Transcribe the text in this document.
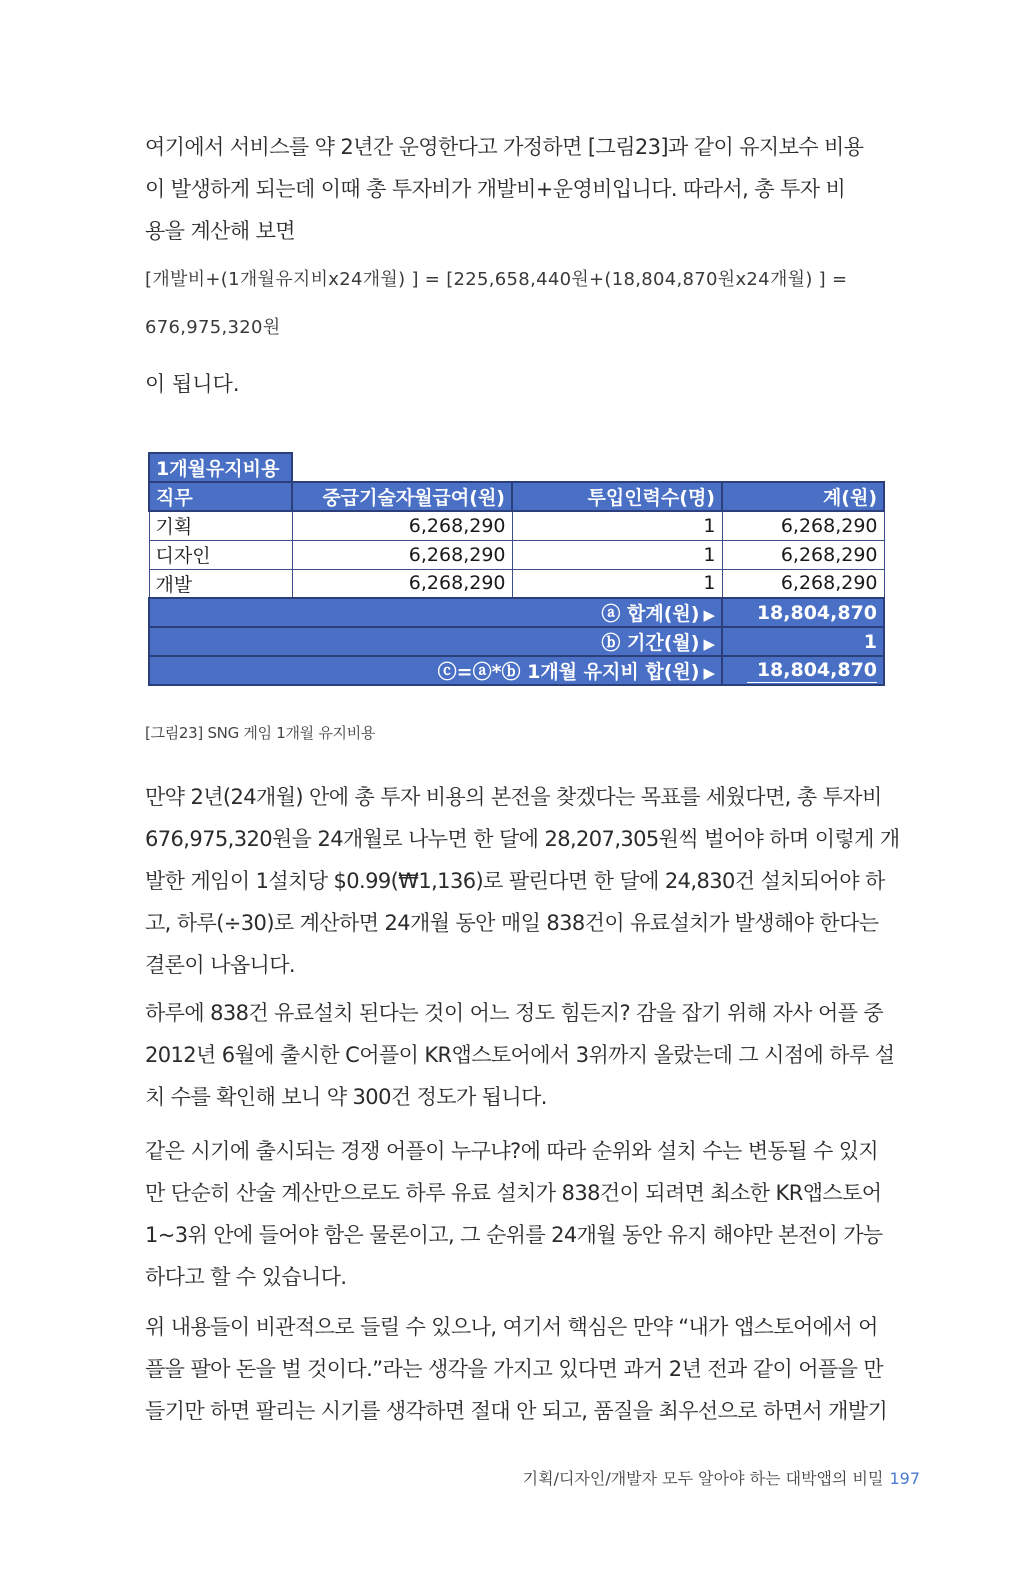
여기에서 서비스를 약 2년간 운영한다고 가정하면 [그림23]과 같이 유지보수 비용
이 발생하게 되는데 이때 총 투자비가 개발비+운영비입니다. 따라서, 총 투자 비
용을 계산해 보면

[개발비+(1개월유지비x24개월) ] = [225,658,440원+(18,804,870원x24개월) ] =
676,975,320원

이 됩니다.

1개월유지비용			
직무	중급기술자월급여(원)	투입인력수(명)	계(원)
기획	6,268,290	1	6,268,290
디자인	6,268,290	1	6,268,290
개발	6,268,290	1	6,268,290
ⓐ 합계(원) ▶			18,804,870
ⓑ 기간(월) ▶			1
ⓒ=ⓐ*ⓑ 1개월 유지비 합(원) ▶			18,804,870

[그림23] SNG 게임 1개월 유지비용

만약 2년(24개월) 안에 총 투자 비용의 본전을 찾겠다는 목표를 세웠다면, 총 투자비
676,975,320원을 24개월로 나누면 한 달에 28,207,305원씩 벌어야 하며 이렇게 개
발한 게임이 1설치당 $0.99(₩1,136)로 팔린다면 한 달에 24,830건 설치되어야 하
고, 하루(÷30)로 계산하면 24개월 동안 매일 838건이 유료설치가 발생해야 한다는
결론이 나옵니다.

하루에 838건 유료설치 된다는 것이 어느 정도 힘든지? 감을 잡기 위해 자사 어플 중
2012년 6월에 출시한 C어플이 KR앱스토어에서 3위까지 올랐는데 그 시점에 하루 설
치 수를 확인해 보니 약 300건 정도가 됩니다.

같은 시기에 출시되는 경쟁 어플이 누구냐?에 따라 순위와 설치 수는 변동될 수 있지
만 단순히 산술 계산만으로도 하루 유료 설치가 838건이 되려면 최소한 KR앱스토어
1~3위 안에 들어야 함은 물론이고, 그 순위를 24개월 동안 유지 해야만 본전이 가능
하다고 할 수 있습니다.

위 내용들이 비관적으로 들릴 수 있으나, 여기서 핵심은 만약 “내가 앱스토어에서 어
플을 팔아 돈을 벌 것이다.”라는 생각을 가지고 있다면 과거 2년 전과 같이 어플을 만
들기만 하면 팔리는 시기를 생각하면 절대 안 되고, 품질을 최우선으로 하면서 개발기

기획/디자인/개발자 모두 알아야 하는 대박앱의 비밀 197
